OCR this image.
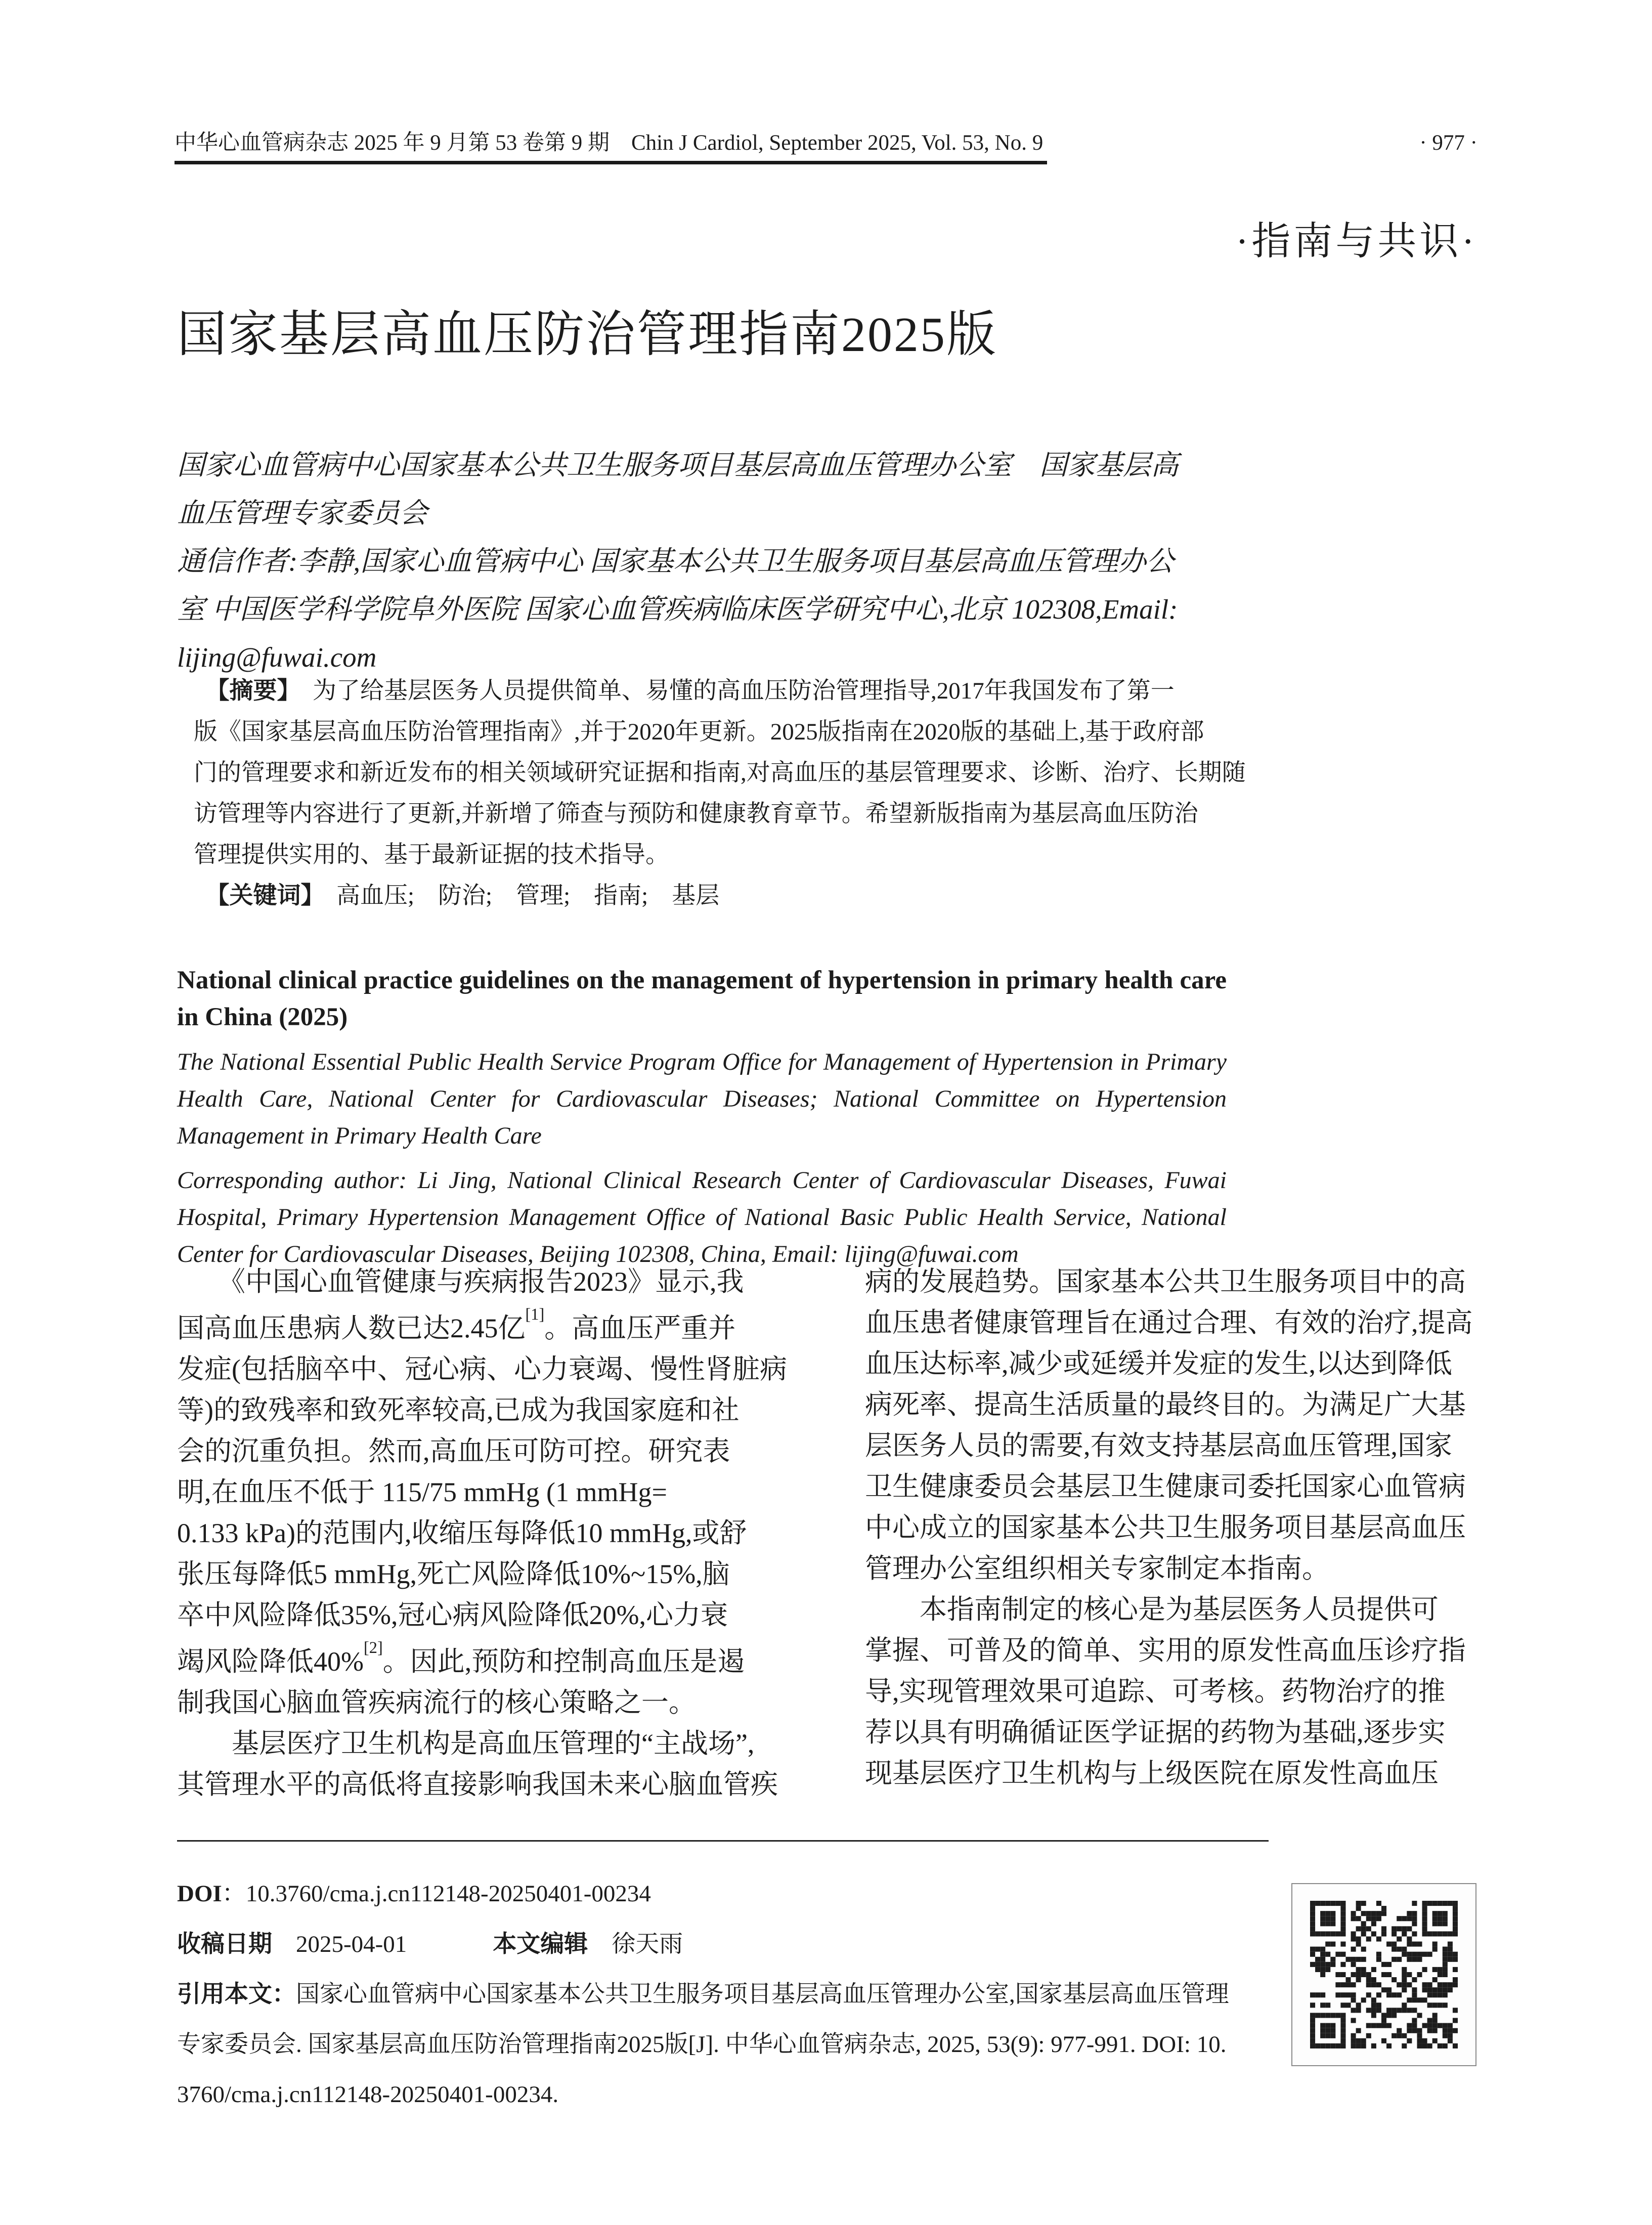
中华心血管病杂志 2025 年 9 月第 53 卷第 9 期　Chin J Cardiol, September 2025, Vol. 53, No. 9	· 977 ·
·指南与共识·
国家基层高血压防治管理指南2025版
国家心血管病中心国家基本公共卫生服务项目基层高血压管理办公室　国家基层高
血压管理专家委员会
通信作者:李静,国家心血管病中心 国家基本公共卫生服务项目基层高血压管理办公
室 中国医学科学院阜外医院 国家心血管疾病临床医学研究中心,北京 102308,Email:
lijing@fuwai.com
　【摘要】　为了给基层医务人员提供简单、易懂的高血压防治管理指导,2017年我国发布了第一
版《国家基层高血压防治管理指南》,并于2020年更新。2025版指南在2020版的基础上,基于政府部
门的管理要求和新近发布的相关领域研究证据和指南,对高血压的基层管理要求、诊断、治疗、长期随
访管理等内容进行了更新,并新增了筛查与预防和健康教育章节。希望新版指南为基层高血压防治
管理提供实用的、基于最新证据的技术指导。
　【关键词】　高血压;　防治;　管理;　指南;　基层
National clinical practice guidelines on the management of hypertension in primary health care in China (2025)
The National Essential Public Health Service Program Office for Management of Hypertension in Primary Health Care, National Center for Cardiovascular Diseases; National Committee on Hypertension Management in Primary Health Care
Corresponding author: Li Jing, National Clinical Research Center of Cardiovascular Diseases, Fuwai Hospital, Primary Hypertension Management Office of National Basic Public Health Service, National Center for Cardiovascular Diseases, Beijing 102308, China, Email: lijing@fuwai.com
　　《中国心血管健康与疾病报告2023》显示,我
国高血压患病人数已达2.45亿[1]。高血压严重并
发症(包括脑卒中、冠心病、心力衰竭、慢性肾脏病
等)的致残率和致死率较高,已成为我国家庭和社
会的沉重负担。然而,高血压可防可控。研究表
明,在血压不低于 115/75 mmHg (1 mmHg=
0.133 kPa)的范围内,收缩压每降低10 mmHg,或舒
张压每降低5 mmHg,死亡风险降低10%~15%,脑
卒中风险降低35%,冠心病风险降低20%,心力衰
竭风险降低40%[2]。因此,预防和控制高血压是遏
制我国心脑血管疾病流行的核心策略之一。
　　基层医疗卫生机构是高血压管理的“主战场”,
其管理水平的高低将直接影响我国未来心脑血管疾
病的发展趋势。国家基本公共卫生服务项目中的高
血压患者健康管理旨在通过合理、有效的治疗,提高
血压达标率,减少或延缓并发症的发生,以达到降低
病死率、提高生活质量的最终目的。为满足广大基
层医务人员的需要,有效支持基层高血压管理,国家
卫生健康委员会基层卫生健康司委托国家心血管病
中心成立的国家基本公共卫生服务项目基层高血压
管理办公室组织相关专家制定本指南。
　　本指南制定的核心是为基层医务人员提供可
掌握、可普及的简单、实用的原发性高血压诊疗指
导,实现管理效果可追踪、可考核。药物治疗的推
荐以具有明确循证医学证据的药物为基础,逐步实
现基层医疗卫生机构与上级医院在原发性高血压
DOI：10.3760/cma.j.cn112148-20250401-00234
收稿日期　2025-04-01	本文编辑　徐天雨
引用本文：国家心血管病中心国家基本公共卫生服务项目基层高血压管理办公室,国家基层高血压管理
专家委员会. 国家基层高血压防治管理指南2025版[J]. 中华心血管病杂志, 2025, 53(9): 977-991. DOI: 10.
3760/cma.j.cn112148-20250401-00234.
